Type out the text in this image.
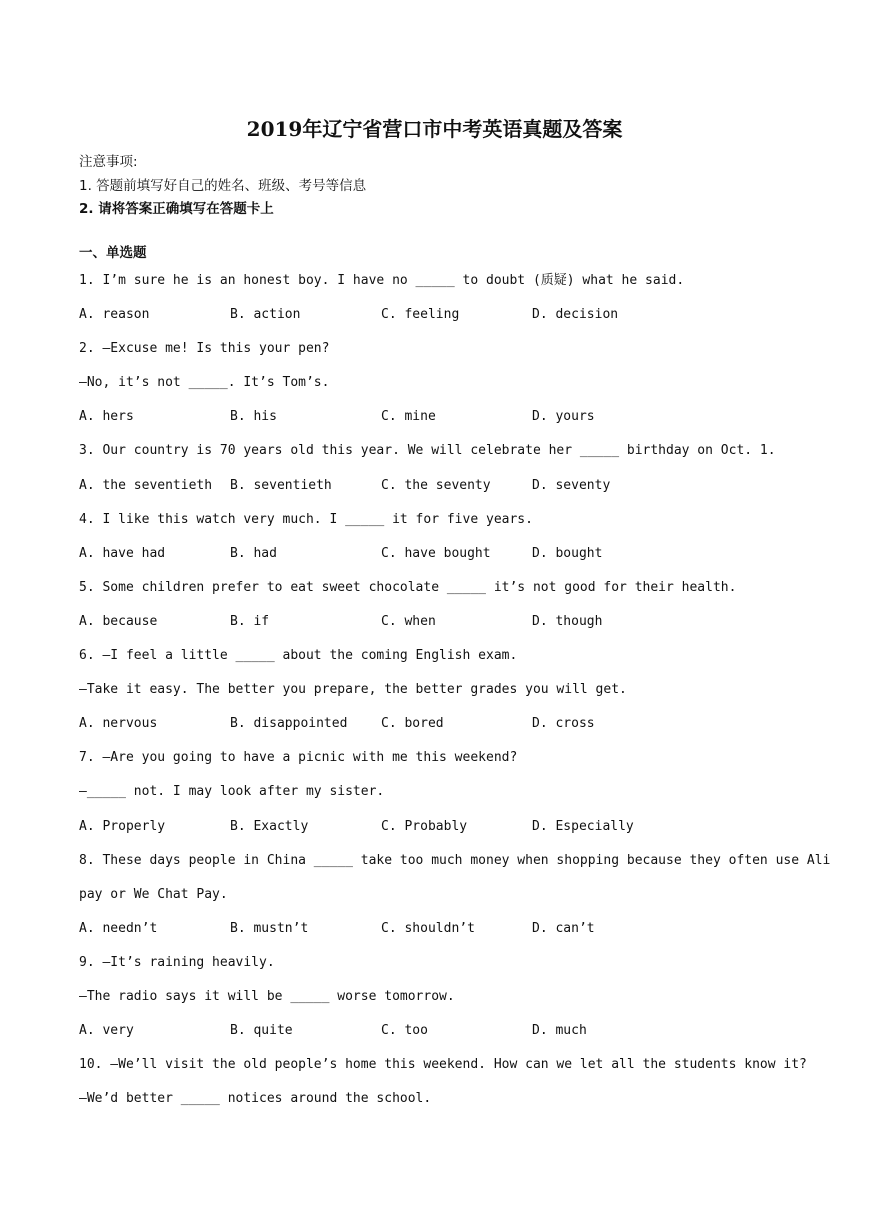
2019年辽宁省营口市中考英语真题及答案
注意事项:
1. 答题前填写好自己的姓名、班级、考号等信息
2. 请将答案正确填写在答题卡上
一、单选题
1. I’m sure he is an honest boy. I have no _____ to doubt (质疑) what he said.
A. reason	B. action	C. feeling	D. decision
2. —Excuse me! Is this your pen?
—No, it’s not _____. It’s Tom’s.
A. hers	B. his	C. mine	D. yours
3. Our country is 70 years old this year. We will celebrate her _____ birthday on Oct. 1.
A. the seventieth B. seventieth	C. the seventy	D. seventy
4. I like this watch very much. I _____ it for five years.
A. have had	B. had	C. have bought	D. bought
5. Some children prefer to eat sweet chocolate _____ it’s not good for their health.
A. because	B. if	C. when	D. though
6. —I feel a little _____ about the coming English exam.
—Take it easy. The better you prepare, the better grades you will get.
A. nervous	B. disappointed	C. bored	D. cross
7. —Are you going to have a picnic with me this weekend?
—_____ not. I may look after my sister.
A. Properly	B. Exactly	C. Probably	D. Especially
8. These days people in China _____ take too much money when shopping because they often use Ali
pay or We Chat Pay.
A. needn’t	B. mustn’t	C. shouldn’t	D. can’t
9. —It’s raining heavily.
—The radio says it will be _____ worse tomorrow.
A. very	B. quite	C. too	D. much
10. —We’ll visit the old people’s home this weekend. How can we let all the students know it?
—We’d better _____ notices around the school.
